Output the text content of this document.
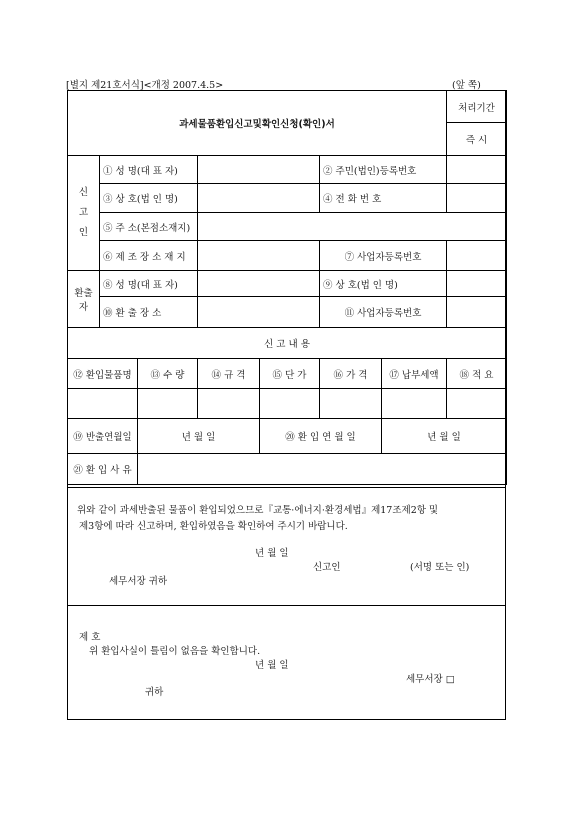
[별지 제21호서식]<개정 2007.4.5>	(앞 쪽)
과세물품환입신고및확인신청(확인)서							처리기간
							즉 시

신
고
인	① 성 명(대 표 자)				② 주민(법인)등록번호		
	③ 상 호(법 인 명)				④ 전 화 번 호		
	⑤ 주 소(본점소재지)						
	⑥ 제 조 장 소 재 지				⑦ 사업자등록번호		
환출자	⑧ 성 명(대 표 자)				⑨ 상 호(법 인 명)		
	⑩ 환 출 장 소				⑪ 사업자등록번호		
신 고 내 용							
⑫ 환입물품명		⑬ 수 량	⑭ 규 격	⑮ 단 가	⑯ 가 격	⑰ 납부세액	⑱ 적 요

⑲ 반출연월일		년 월 일		⑳ 환 입 연 월 일		년 월 일	
㉑ 환 입 사 유							
위와 같이 과세반출된 물품이 환입되었으므로『교통·에너지·환경세법』제17조제2항 및
제3항에 따라 신고하며, 환입하였음을 확인하여 주시기 바랍니다.
년 월 일
신고인	(서명 또는 인)
세무서장 귀하
제 호
위 환입사실이 틀림이 없음을 확인합니다.
년 월 일
세무서장 □
귀하
